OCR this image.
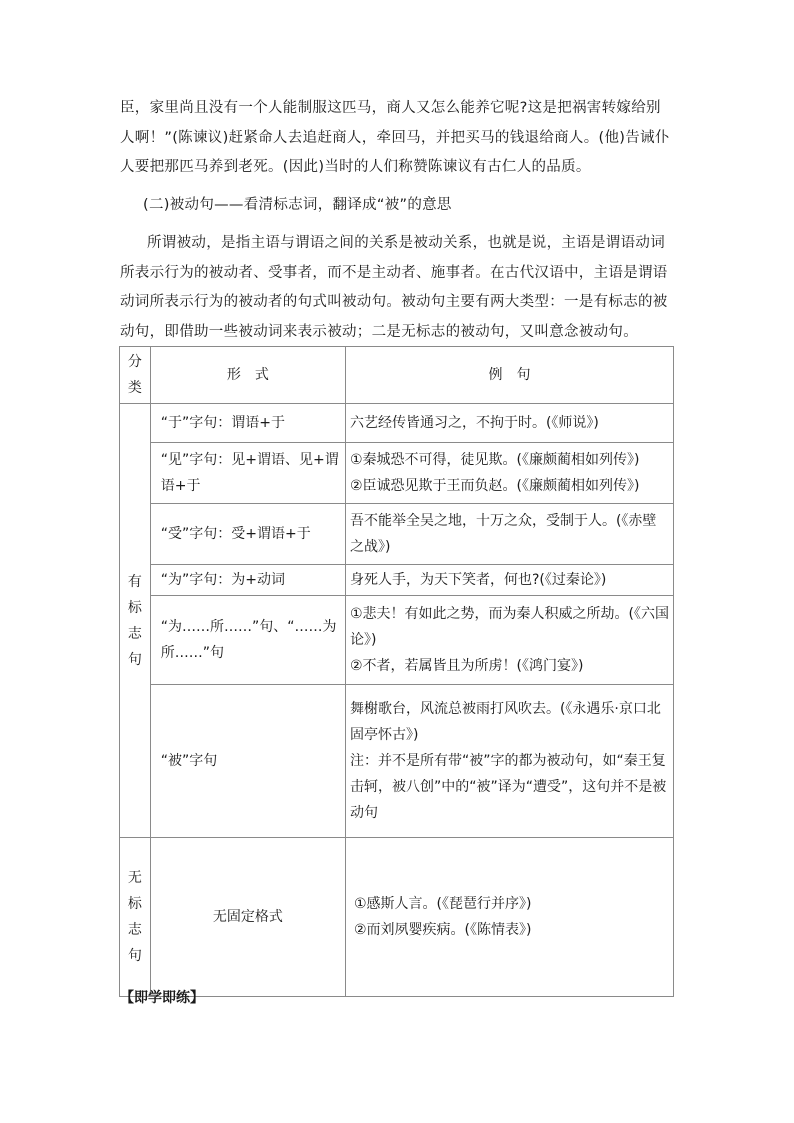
臣，家里尚且没有一个人能制服这匹马，商人又怎么能养它呢?这是把祸害转嫁给别人啊！”(陈谏议)赶紧命人去追赶商人，牵回马，并把买马的钱退给商人。(他)告诫仆人要把那匹马养到老死。(因此)当时的人们称赞陈谏议有古仁人的品质。

(二)被动句——看清标志词，翻译成“被”的意思

所谓被动，是指主语与谓语之间的关系是被动关系，也就是说，主语是谓语动词所表示行为的被动者、受事者，而不是主动者、施事者。在古代汉语中，主语是谓语动词所表示行为的被动者的句式叫被动句。被动句主要有两大类型：一是有标志的被动句，即借助一些被动词来表示被动；二是无标志的被动句，又叫意念被动句。

分类	形　式	例　句
有标志句	“于”字句：谓语+于	六艺经传皆通习之，不拘于时。(《师说》)

	“见”字句：见+谓语、见+谓语+于	①秦城恐不可得，徒见欺。(《廉颇蔺相如列传》)
②臣诚恐见欺于王而负赵。(《廉颇蔺相如列传》)

	“受”字句：受+谓语+于	吾不能举全吴之地，十万之众，受制于人。(《赤壁之战》)

	“为”字句：为+动词	身死人手，为天下笑者，何也?(《过秦论》)

	“为……所……”句、“……为所……”句	①悲夫！有如此之势，而为秦人积威之所劫。(《六国论》)
②不者，若属皆且为所虏！(《鸿门宴》)

	“被”字句	舞榭歌台，风流总被雨打风吹去。(《永遇乐·京口北固亭怀古》)
注：并不是所有带“被”字的都为被动句，如“秦王复击轲，被八创”中的“被”译为“遭受”，这句并不是被动句

无标志句	无固定格式	①感斯人言。(《琵琶行并序》)
②而刘夙婴疾病。(《陈情表》)
【即学即练】
